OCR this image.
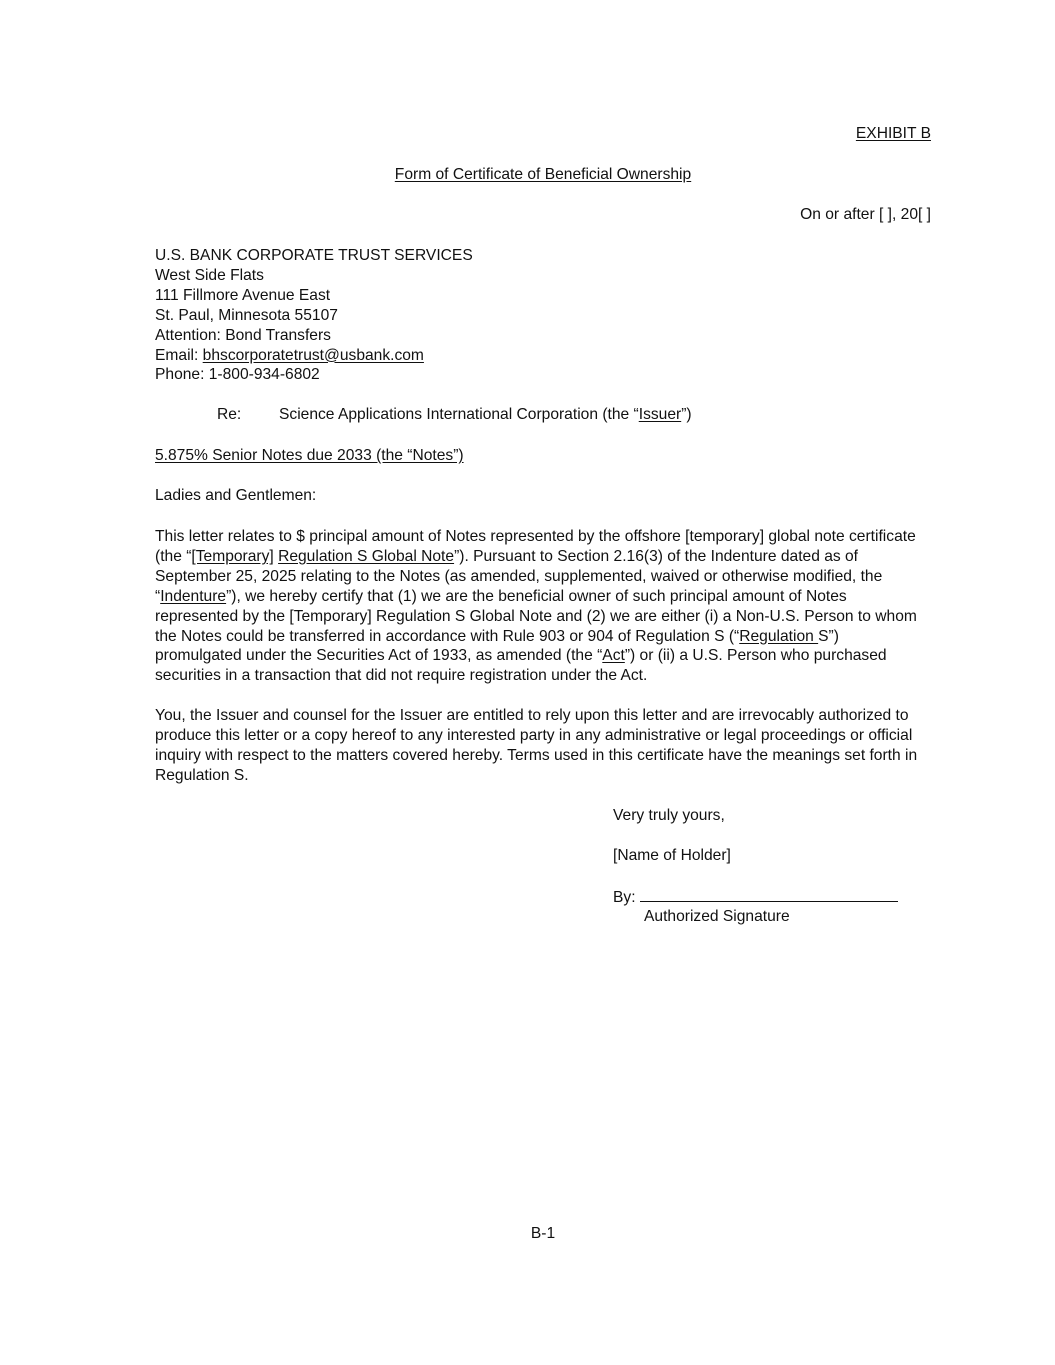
EXHIBIT B
Form of Certificate of Beneficial Ownership
On or after [ ], 20[ ]
U.S. BANK CORPORATE TRUST SERVICES
West Side Flats
111 Fillmore Avenue East
St. Paul, Minnesota 55107
Attention: Bond Transfers
Email: bhscorporatetrust@usbank.com
Phone: 1-800-934-6802
Re:	Science Applications International Corporation (the “Issuer”)
5.875% Senior Notes due 2033 (the “Notes”)
Ladies and Gentlemen:
This letter relates to $ principal amount of Notes represented by the offshore [temporary] global note certificate
(the “[Temporary] Regulation S Global Note”). Pursuant to Section 2.16(3) of the Indenture dated as of
September 25, 2025 relating to the Notes (as amended, supplemented, waived or otherwise modified, the
“Indenture”), we hereby certify that (1) we are the beneficial owner of such principal amount of Notes
represented by the [Temporary] Regulation S Global Note and (2) we are either (i) a Non-U.S. Person to whom
the Notes could be transferred in accordance with Rule 903 or 904 of Regulation S (“Regulation S”)
promulgated under the Securities Act of 1933, as amended (the “Act”) or (ii) a U.S. Person who purchased
securities in a transaction that did not require registration under the Act.
You, the Issuer and counsel for the Issuer are entitled to rely upon this letter and are irrevocably authorized to
produce this letter or a copy hereof to any interested party in any administrative or legal proceedings or official
inquiry with respect to the matters covered hereby. Terms used in this certificate have the meanings set forth in
Regulation S.
Very truly yours,
[Name of Holder]
By:
Authorized Signature
B-1
